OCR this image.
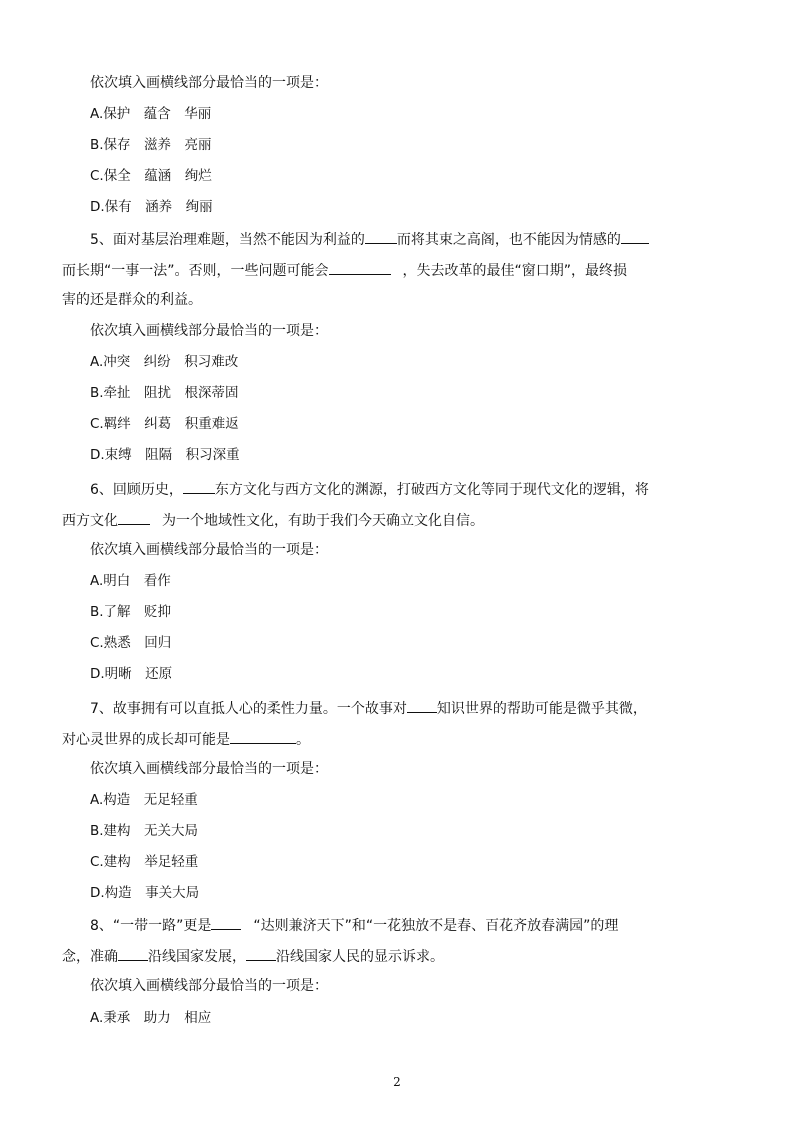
依次填入画横线部分最恰当的一项是：
A.保护　蕴含　华丽
B.保存　滋养　亮丽
C.保全　蕴涵　绚烂
D.保有　涵养　绚丽
5、面对基层治理难题，当然不能因为利益的 而将其束之高阁，也不能因为情感的
而长期“一事一法”。否则，一些问题可能会	，失去改革的最佳“窗口期”，最终损
害的还是群众的利益。
依次填入画横线部分最恰当的一项是：
A.冲突　纠纷　积习难改
B.牵扯　阻扰　根深蒂固
C.羁绊　纠葛　积重难返
D.束缚　阻隔　积习深重
6、回顾历史， 东方文化与西方文化的渊源，打破西方文化等同于现代文化的逻辑，将
西方文化	为一个地域性文化，有助于我们今天确立文化自信。
依次填入画横线部分最恰当的一项是：
A.明白　看作
B.了解　贬抑
C.熟悉　回归
D.明晰　还原
7、故事拥有可以直抵人心的柔性力量。一个故事对 知识世界的帮助可能是微乎其微，
对心灵世界的成长却可能是	。
依次填入画横线部分最恰当的一项是：
A.构造　无足轻重
B.建构　无关大局
C.建构　举足轻重
D.构造　事关大局
8、“一带一路”更是	“达则兼济天下”和“一花独放不是春、百花齐放春满园”的理
念，准确 沿线国家发展， 沿线国家人民的显示诉求。
依次填入画横线部分最恰当的一项是：
A.秉承　助力　相应
2
